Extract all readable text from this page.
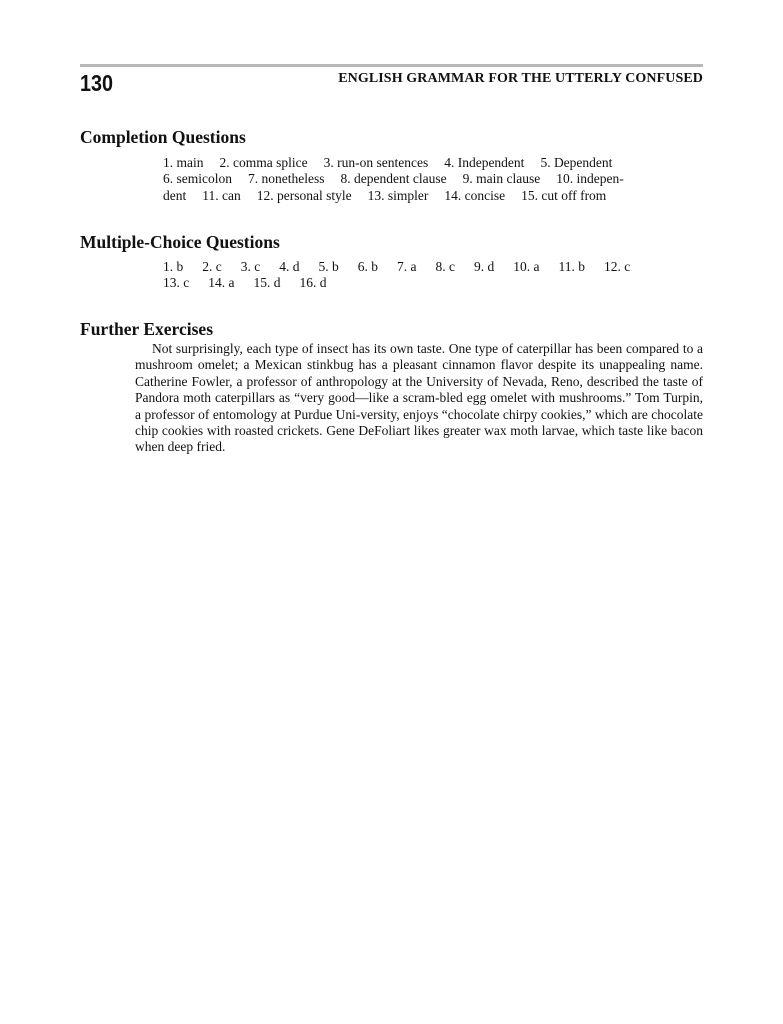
130	ENGLISH GRAMMAR FOR THE UTTERLY CONFUSED
Completion Questions
1. main 2. comma splice 3. run-on sentences 4. Independent 5. Dependent
6. semicolon 7. nonetheless 8. dependent clause 9. main clause 10. indepen-
dent 11. can 12. personal style 13. simpler 14. concise 15. cut off from
Multiple-Choice Questions
1. b 2. c 3. c 4. d 5. b 6. b 7. a 8. c 9. d 10. a 11. b 12. c
13. c 14. a 15. d 16. d
Further Exercises

Not surprisingly, each type of insect has its own taste. One type of caterpillar has been compared to a mushroom omelet; a Mexican stinkbug has a pleasant cinnamon flavor despite its unappealing name. Catherine Fowler, a professor of anthropology at the University of Nevada, Reno, described the taste of Pandora moth caterpillars as “very good—like a scram-bled egg omelet with mushrooms.” Tom Turpin, a professor of entomology at Purdue Uni-versity, enjoys “chocolate chirpy cookies,” which are chocolate chip cookies with roasted crickets. Gene DeFoliart likes greater wax moth larvae, which taste like bacon when deep fried.
